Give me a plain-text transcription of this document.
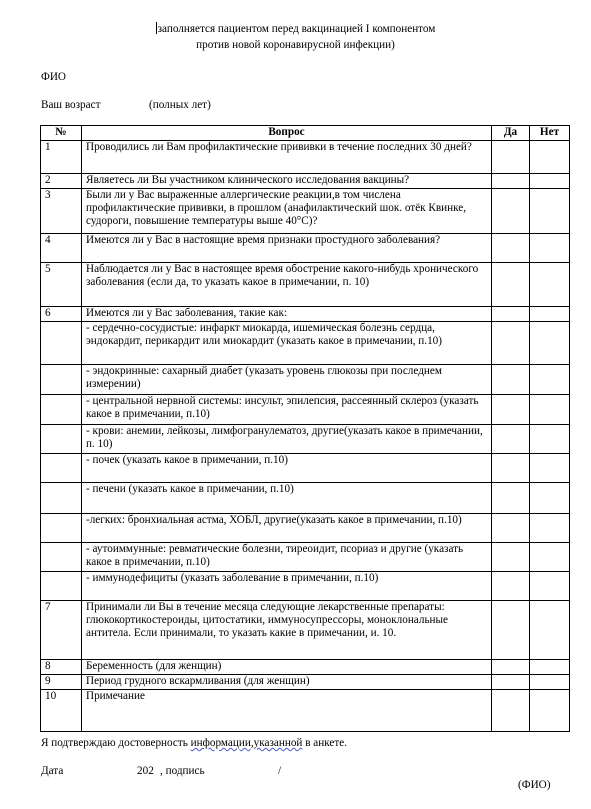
заполняется пациентом перед вакцинацией I компонентом
против новой коронавирусной инфекции)
ФИО
Ваш возраст	(полных лет)
№	Вопрос	Да	Нет
1	Проводились ли Вам профилактические прививки в течение последних 30 дней?		
2	Являетесь ли Вы участником клинического исследования вакцины?		
3	Были ли у Вас выраженные аллергические реакции,в том числена профилактические прививки, в прошлом (анафилактический шок. отёк Квинке, судороги, повышение температуры выше 40°С)?		
4	Имеются ли у Вас в настоящие время признаки простудного заболевания?		
5	Наблюдается ли у Вас в настоящее время обострение какого-нибудь хронического заболевания (если да, то указать какое в примечании, п. 10)		
6	Имеются ли у Вас заболевания, такие как:		
	- сердечно-сосудистые: инфаркт миокарда, ишемическая болезнь сердца, эндокардит, перикардит или миокардит (указать какое в примечании, п.10)		
	- эндокринные: сахарный диабет (указать уровень глюкозы при последнем измерении)		
	- центральной нервной системы: инсульт, эпилепсия, рассеянный склероз (указать какое в примечании, п.10)		
	- крови: анемии, лейкозы, лимфогранулематоз, другие(указать какое в примечании, п. 10)		
	- почек (указать какое в примечании, п.10)		
	- печени (указать какое в примечании, п.10)		
	-легких: бронхиальная астма, ХОБЛ, другие(указать какое в примечании, п.10)		
	- аутоиммунные: ревматические болезни, тиреоидит, псориаз и другие (указать какое в примечании, п.10)		
	- иммунодефициты (указать заболевание в примечании, п.10)		
7	Принимали ли Вы в течение месяца следующие лекарственные препараты: глюкокортикостероиды, цитостатики, иммуносупрессоры, моноклональные антитела. Если принимали, то указать какие в примечании, и. 10.		
8	Беременность (для женщин)		
9	Период грудного вскармливания (для женщин)		
10	Примечание		
Я подтверждаю достоверность информации,указанной в анкете.
Дата	202 , подпись	/
(ФИО)
